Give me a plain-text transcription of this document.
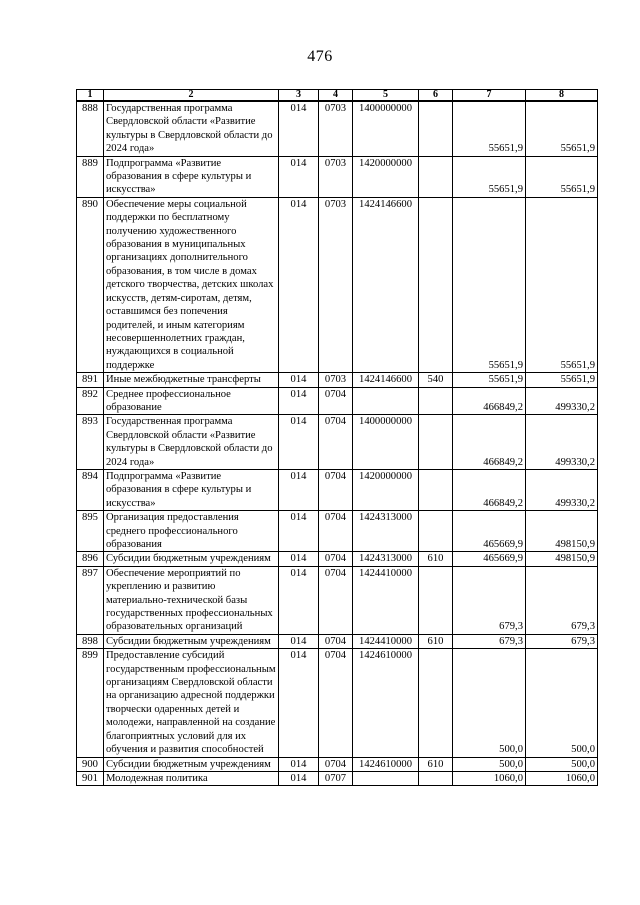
476
1	2	3	4	5	6	7	8
888	Государственная программа Свердловской области «Развитие культуры в Свердловской области до 2024 года»	014	0703	1400000000		55651,9	55651,9
889	Подпрограмма «Развитие образования в сфере культуры и искусства»	014	0703	1420000000		55651,9	55651,9
890	Обеспечение меры социальной поддержки по бесплатному получению художественного образования в муниципальных организациях дополнительного образования, в том числе в домах детского творчества, детских школах искусств, детям-сиротам, детям, оставшимся без попечения родителей, и иным категориям несовершеннолетних граждан, нуждающихся в социальной поддержке	014	0703	1424146600		55651,9	55651,9
891	Иные межбюджетные трансферты	014	0703	1424146600	540	55651,9	55651,9
892	Среднее профессиональное образование	014	0704			466849,2	499330,2
893	Государственная программа Свердловской области «Развитие культуры в Свердловской области до 2024 года»	014	0704	1400000000		466849,2	499330,2
894	Подпрограмма «Развитие образования в сфере культуры и искусства»	014	0704	1420000000		466849,2	499330,2
895	Организация предоставления среднего профессионального образования	014	0704	1424313000		465669,9	498150,9
896	Субсидии бюджетным учреждениям	014	0704	1424313000	610	465669,9	498150,9
897	Обеспечение мероприятий по укреплению и развитию материально-технической базы государственных профессиональных образовательных организаций	014	0704	1424410000		679,3	679,3
898	Субсидии бюджетным учреждениям	014	0704	1424410000	610	679,3	679,3
899	Предоставление субсидий государственным профессиональным организациям Свердловской области на организацию адресной поддержки творчески одаренных детей и молодежи, направленной на создание благоприятных условий для их обучения и развития способностей	014	0704	1424610000		500,0	500,0
900	Субсидии бюджетным учреждениям	014	0704	1424610000	610	500,0	500,0
901	Молодежная политика	014	0707			1060,0	1060,0
